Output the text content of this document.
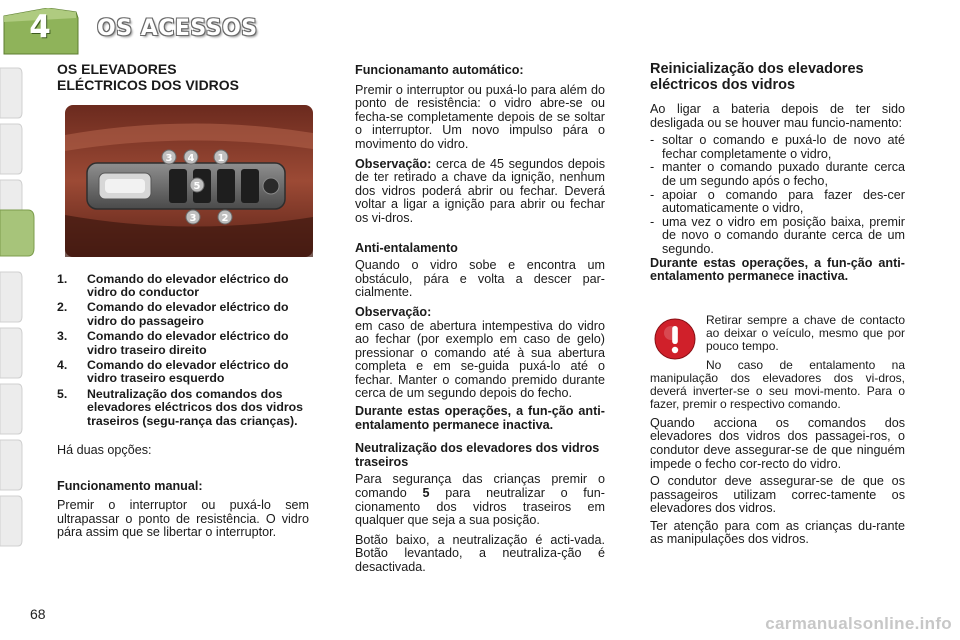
4 OS ACESSOS
OS ELEVADORES
ELÉCTRICOS DOS VIDROS
3 4 1
5
3	2
1.	Comando do elevador eléctrico do vidro do conductor
2.	Comando do elevador eléctrico do vidro do passageiro
3.	Comando do elevador eléctrico do vidro traseiro direito
4.	Comando do elevador eléctrico do vidro traseiro esquerdo
5.	Neutralização dos comandos dos elevadores eléctricos dos dos vidros traseiros (segu-rança das crianças).

Há duas opções:

Funcionamento manual:

Premir o interruptor ou puxá-lo sem ultrapassar o ponto de resistência. O vidro pára assim que se libertar o interruptor.

Funcionamanto automático:

Premir o interruptor ou puxá-lo para além do ponto de resistência: o vidro abre-se ou fecha-se completamente depois de se soltar o interruptor. Um novo impulso pára o movimento do vidro.

Observação: cerca de 45 segundos depois de ter retirado a chave da ignição, nenhum dos vidros poderá abrir ou fechar. Deverá voltar a ligar a ignição para abrir ou fechar os vi-dros.

Anti-entalamento

Quando o vidro sobe e encontra um obstáculo, pára e volta a descer par-cialmente.

Observação:

em caso de abertura intempestiva do vidro ao fechar (por exemplo em caso de gelo) pressionar o comando até à sua abertura completa e em se-guida puxá-lo até o fechar. Manter o comando premido durante cerca de um segundo depois do fecho.

Durante estas operações, a fun-ção anti-entalamento permanece inactiva.

Neutralização dos elevadores dos vidros traseiros

Para segurança das crianças premir o comando 5 para neutralizar o fun-cionamento dos vidros traseiros em qualquer que seja a sua posição.

Botão baixo, a neutralização é acti-vada. Botão levantado, a neutraliza-ção é desactivada.

Reinicialização dos elevadores eléctricos dos vidros

Ao ligar a bateria depois de ter sido desligada ou se houver mau funcio-namento:

- soltar o comando e puxá-lo de novo até fechar completamente o vidro,
- manter o comando puxado durante cerca de um segundo após o fecho,
- apoiar o comando para fazer des-cer automaticamente o vidro,
- uma vez o vidro em posição baixa, premir de novo o comando durante cerca de um segundo.

Durante estas operações, a fun-ção anti-entalamento permanece inactiva.

Retirar sempre a chave de contacto ao deixar o veículo, mesmo que por pouco tempo.

No caso de entalamento na manipulação dos elevadores dos vi-dros, deverá inverter-se o seu movi-mento. Para o fazer, premir o respectivo comando.

Quando acciona os comandos dos elevadores dos vidros dos passagei-ros, o condutor deve assegurar-se de que ninguém impede o fecho cor-recto do vidro.

O condutor deve assegurar-se de que os passageiros utilizam correc-tamente os elevadores dos vidros.

Ter atenção para com as crianças du-rante as manipulações dos vidros.

68	carmanualsonline.info
